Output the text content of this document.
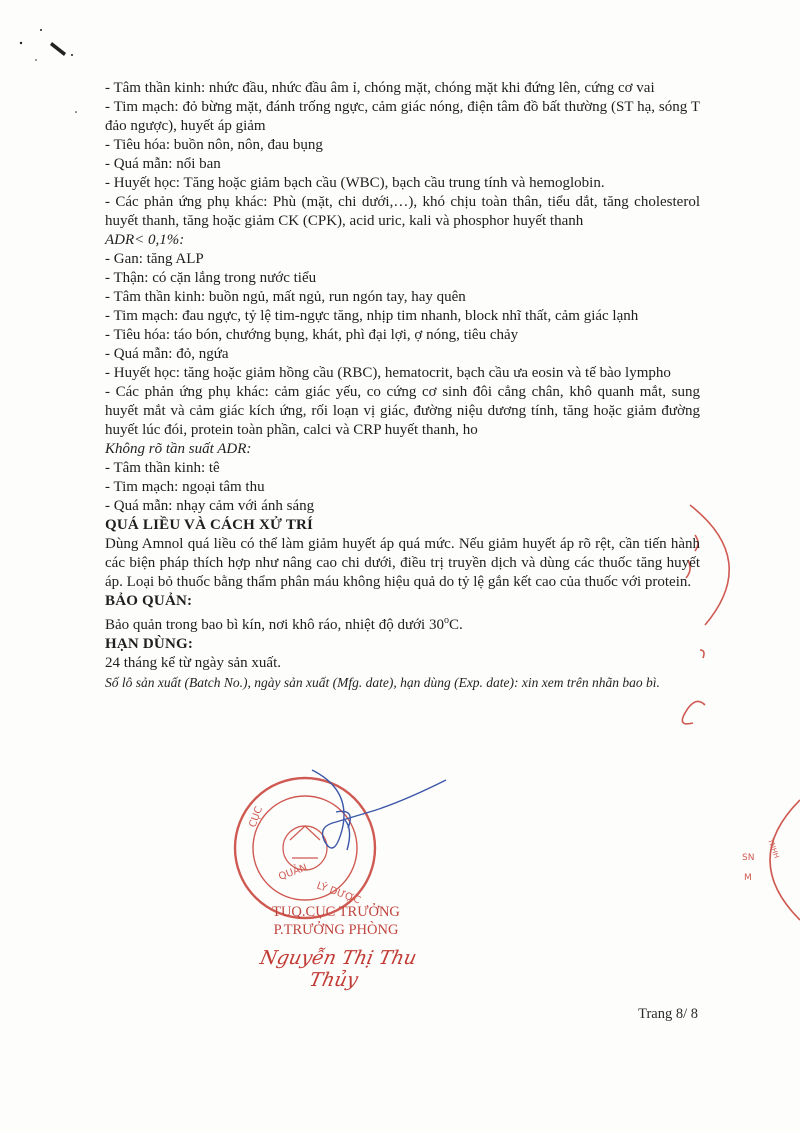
SN
M
TNHH
CỤC
QUẢN
LÝ DƯỢC

- Tâm thần kinh: nhức đầu, nhức đầu âm ỉ, chóng mặt, chóng mặt khi đứng lên, cứng cơ vai

- Tim mạch: đỏ bừng mặt, đánh trống ngực, cảm giác nóng, điện tâm đồ bất thường (ST hạ, sóng T đảo ngược), huyết áp giảm

- Tiêu hóa: buồn nôn, nôn, đau bụng

- Quá mẫn: nổi ban

- Huyết học: Tăng hoặc giảm bạch cầu (WBC), bạch cầu trung tính và hemoglobin.

- Các phản ứng phụ khác: Phù (mặt, chi dưới,…), khó chịu toàn thân, tiểu dắt, tăng cholesterol huyết thanh, tăng hoặc giảm CK (CPK), acid uric, kali và phosphor huyết thanh

ADR< 0,1%:

- Gan: tăng ALP

- Thận: có cặn lắng trong nước tiểu

- Tâm thần kinh: buồn ngủ, mất ngủ, run ngón tay, hay quên

- Tim mạch: đau ngực, tỷ lệ tim-ngực tăng, nhịp tim nhanh, block nhĩ thất, cảm giác lạnh

- Tiêu hóa: táo bón, chướng bụng, khát, phì đại lợi, ợ nóng, tiêu chảy

- Quá mẫn: đỏ, ngứa

- Huyết học: tăng hoặc giảm hồng cầu (RBC), hematocrit, bạch cầu ưa eosin và tế bào lympho

- Các phản ứng phụ khác: cảm giác yếu, co cứng cơ sinh đôi cẳng chân, khô quanh mắt, sung huyết mắt và cảm giác kích ứng, rối loạn vị giác, đường niệu dương tính, tăng hoặc giảm đường huyết lúc đói, protein toàn phần, calci và CRP huyết thanh, ho

Không rõ tần suất ADR:

- Tâm thần kinh: tê

- Tim mạch: ngoại tâm thu

- Quá mẫn: nhạy cảm với ánh sáng

QUÁ LIỀU VÀ CÁCH XỬ TRÍ

Dùng Amnol quá liều có thể làm giảm huyết áp quá mức. Nếu giảm huyết áp rõ rệt, cần tiến hành các biện pháp thích hợp như nâng cao chi dưới, điều trị truyền dịch và dùng các thuốc tăng huyết áp. Loại bỏ thuốc bằng thẩm phân máu không hiệu quả do tỷ lệ gắn kết cao của thuốc với protein.

BẢO QUẢN:

Bảo quản trong bao bì kín, nơi khô ráo, nhiệt độ dưới 30$^o$C.

HẠN DÙNG:

24 tháng kể từ ngày sản xuất.

Số lô sản xuất (Batch No.), ngày sản xuất (Mfg. date), hạn dùng (Exp. date): xin xem trên nhãn bao bì.

TUQ.CỤC TRƯỞNG
P.TRƯỞNG PHÒNG
Nguyễn Thị Thu Thủy
Trang 8/ 8
